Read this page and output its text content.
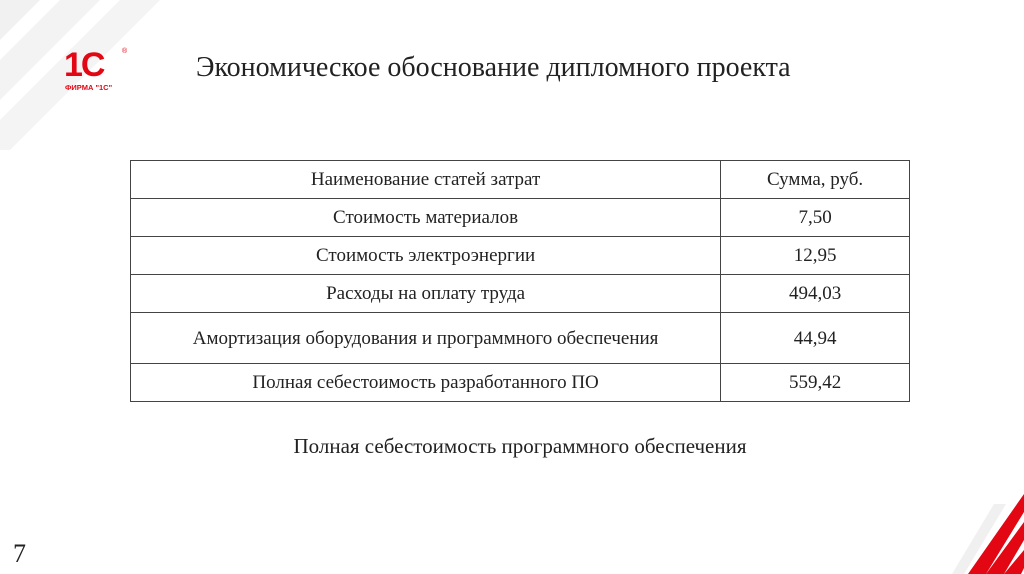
1С	®
ФИРМА "1С"
Экономическое обоснование дипломного проекта
Наименование статей затрат	Сумма, руб.
Стоимость материалов	7,50
Стоимость электроэнергии	12,95
Расходы на оплату труда	494,03
Амортизация оборудования и программного обеспечения	44,94
Полная себестоимость разработанного ПО	559,42
Полная себестоимость программного обеспечения
7
